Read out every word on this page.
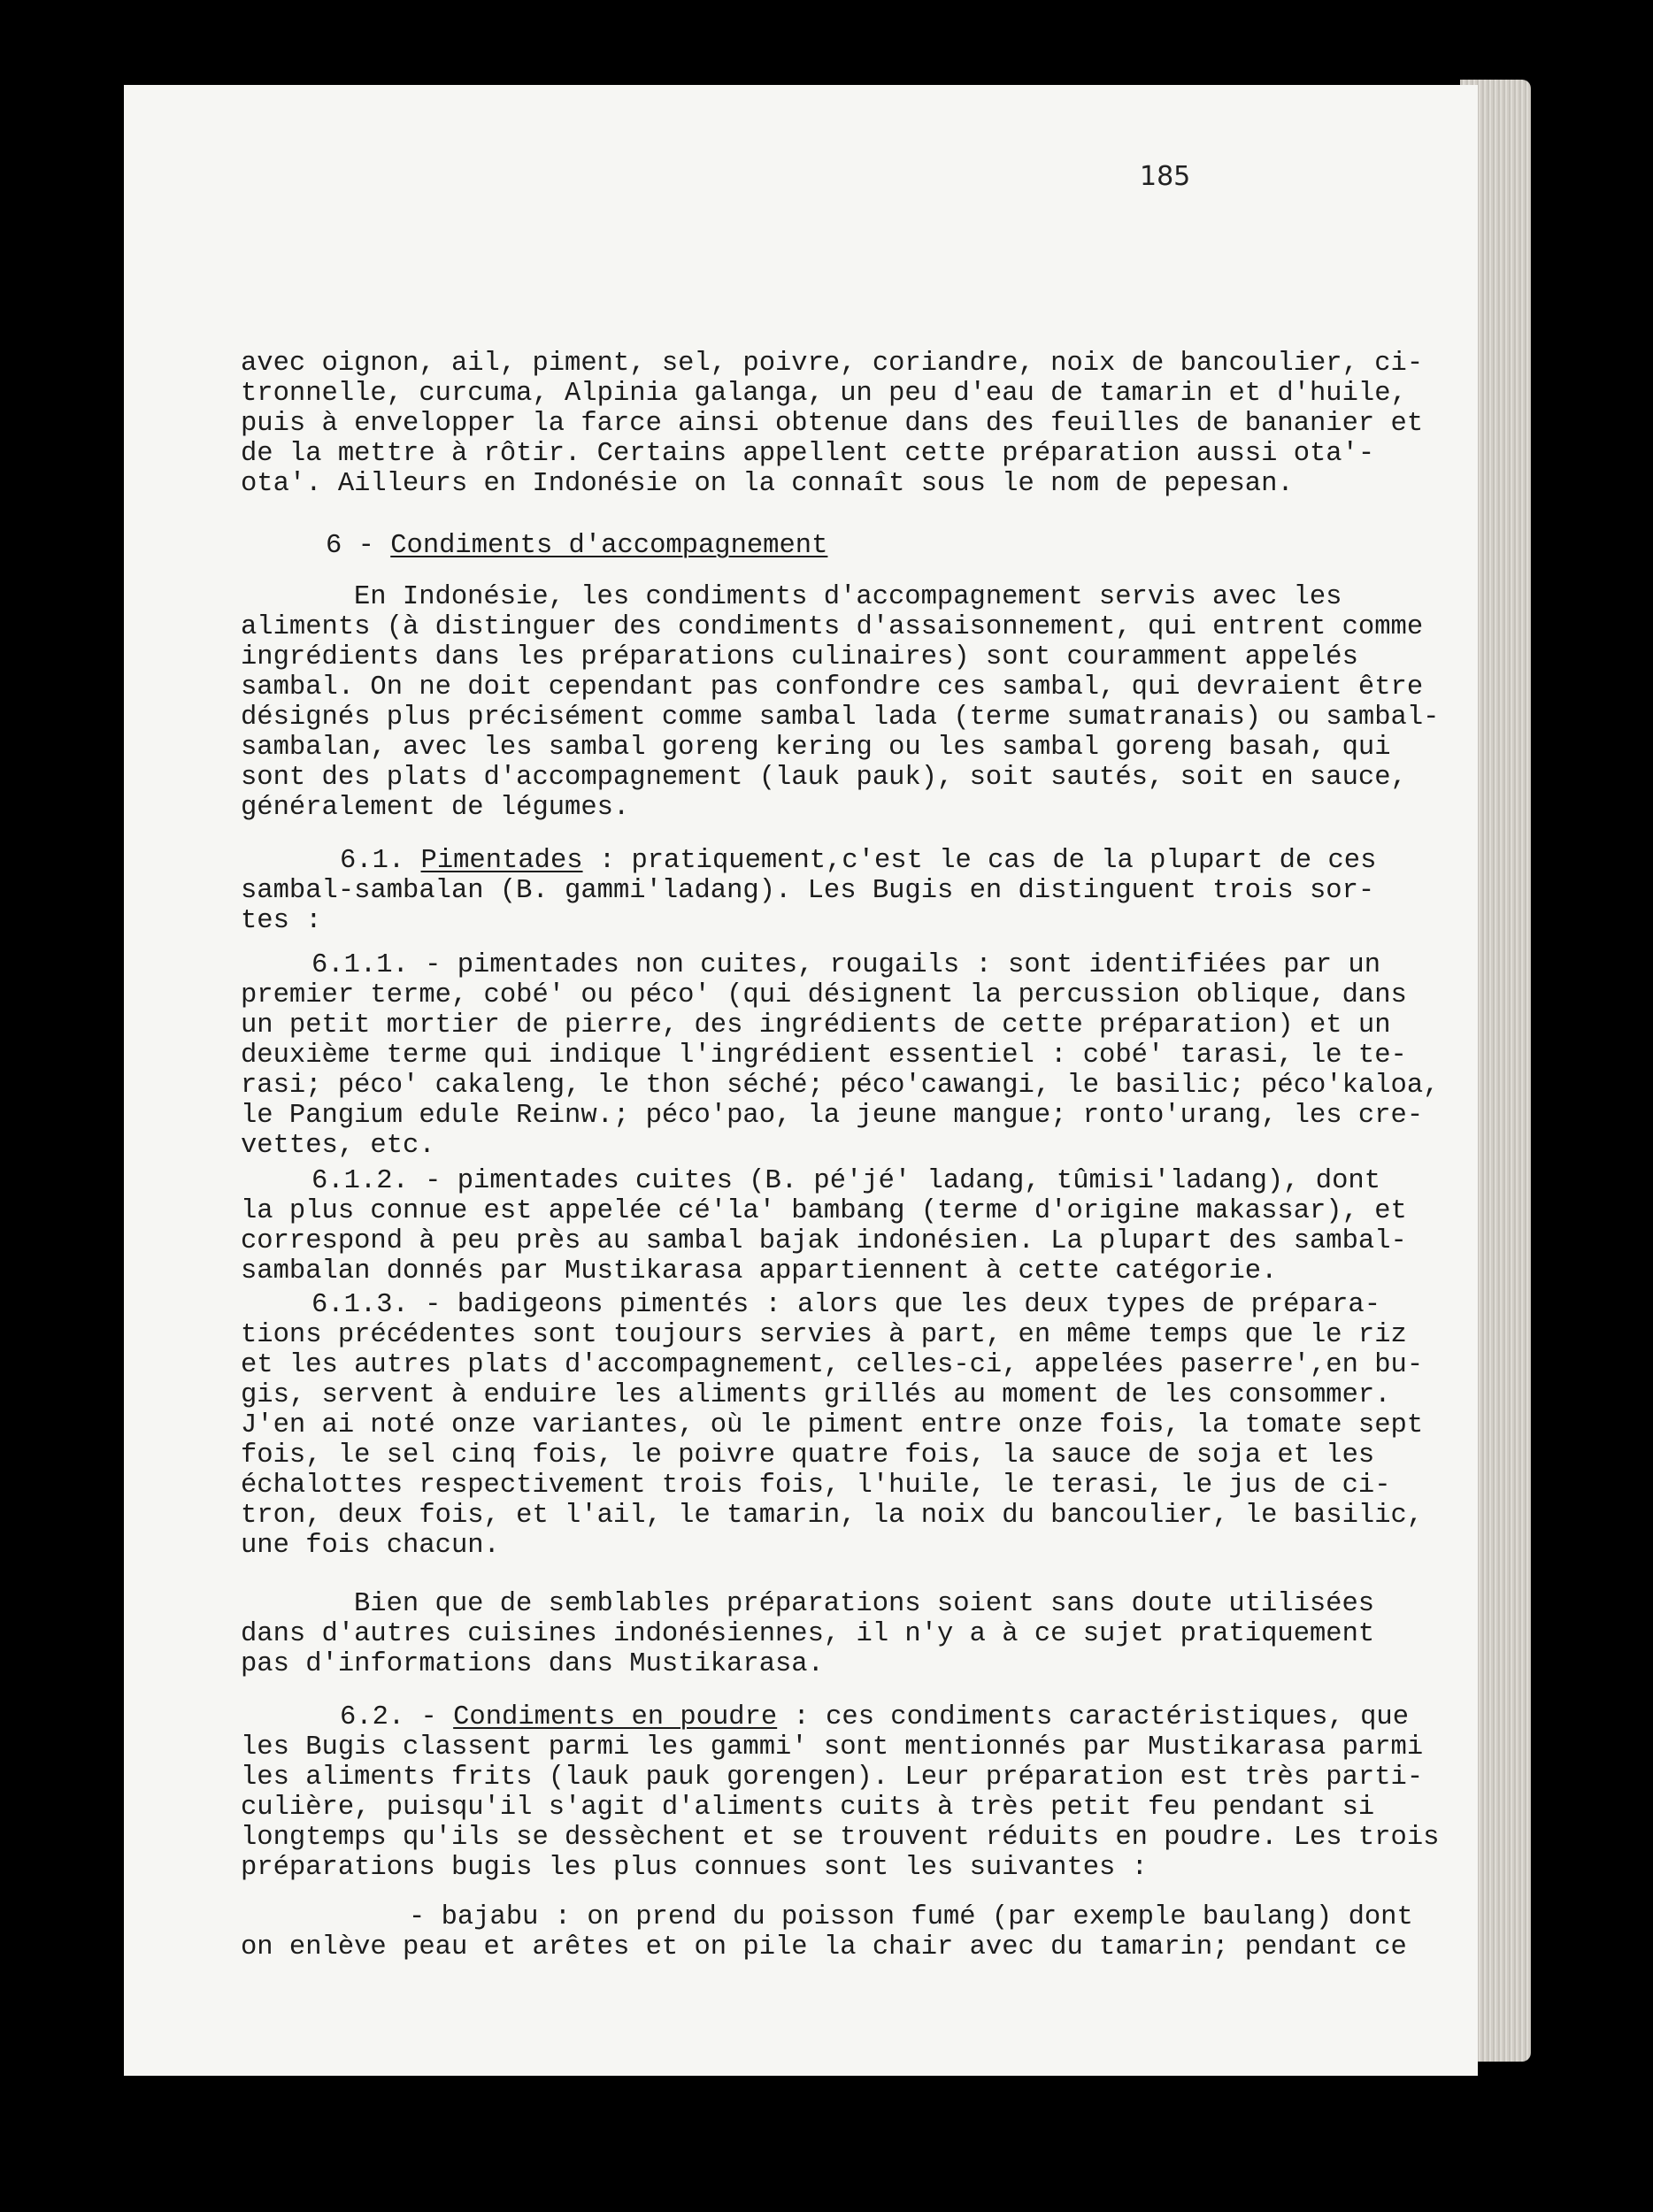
185
avec oignon, ail, piment, sel, poivre, coriandre, noix de bancoulier, ci-
tronnelle, curcuma, Alpinia galanga, un peu d'eau de tamarin et d'huile,
puis à envelopper la farce ainsi obtenue dans des feuilles de bananier et
de la mettre à rôtir. Certains appellent cette préparation aussi ota'-
ota'. Ailleurs en Indonésie on la connaît sous le nom de pepesan.
6 - Condiments d'accompagnement
En Indonésie, les condiments d'accompagnement servis avec les
aliments (à distinguer des condiments d'assaisonnement, qui entrent comme
ingrédients dans les préparations culinaires) sont couramment appelés
sambal. On ne doit cependant pas confondre ces sambal, qui devraient être
désignés plus précisément comme sambal lada (terme sumatranais) ou sambal-
sambalan, avec les sambal goreng kering ou les sambal goreng basah, qui
sont des plats d'accompagnement (lauk pauk), soit sautés, soit en sauce,
généralement de légumes.
6.1. Pimentades : pratiquement,c'est le cas de la plupart de ces
sambal-sambalan (B. gammi'ladang). Les Bugis en distinguent trois sor-
tes :
6.1.1. - pimentades non cuites, rougails : sont identifiées par un
premier terme, cobé' ou péco' (qui désignent la percussion oblique, dans
un petit mortier de pierre, des ingrédients de cette préparation) et un
deuxième terme qui indique l'ingrédient essentiel : cobé' tarasi, le te-
rasi; péco' cakaleng, le thon séché; péco'cawangi, le basilic; péco'kaloa,
le Pangium edule Reinw.; péco'pao, la jeune mangue; ronto'urang, les cre-
vettes, etc.
6.1.2. - pimentades cuites (B. pé'jé' ladang, tûmisi'ladang), dont
la plus connue est appelée cé'la' bambang (terme d'origine makassar), et
correspond à peu près au sambal bajak indonésien. La plupart des sambal-
sambalan donnés par Mustikarasa appartiennent à cette catégorie.
6.1.3. - badigeons pimentés : alors que les deux types de prépara-
tions précédentes sont toujours servies à part, en même temps que le riz
et les autres plats d'accompagnement, celles-ci, appelées paserre',en bu-
gis, servent à enduire les aliments grillés au moment de les consommer.
J'en ai noté onze variantes, où le piment entre onze fois, la tomate sept
fois, le sel cinq fois, le poivre quatre fois, la sauce de soja et les
échalottes respectivement trois fois, l'huile, le terasi, le jus de ci-
tron, deux fois, et l'ail, le tamarin, la noix du bancoulier, le basilic,
une fois chacun.
Bien que de semblables préparations soient sans doute utilisées
dans d'autres cuisines indonésiennes, il n'y a à ce sujet pratiquement
pas d'informations dans Mustikarasa.
6.2. - Condiments en poudre : ces condiments caractéristiques, que
les Bugis classent parmi les gammi' sont mentionnés par Mustikarasa parmi
les aliments frits (lauk pauk gorengen). Leur préparation est très parti-
culière, puisqu'il s'agit d'aliments cuits à très petit feu pendant si
longtemps qu'ils se dessèchent et se trouvent réduits en poudre. Les trois
préparations bugis les plus connues sont les suivantes :
- bajabu : on prend du poisson fumé (par exemple baulang) dont
on enlève peau et arêtes et on pile la chair avec du tamarin; pendant ce
